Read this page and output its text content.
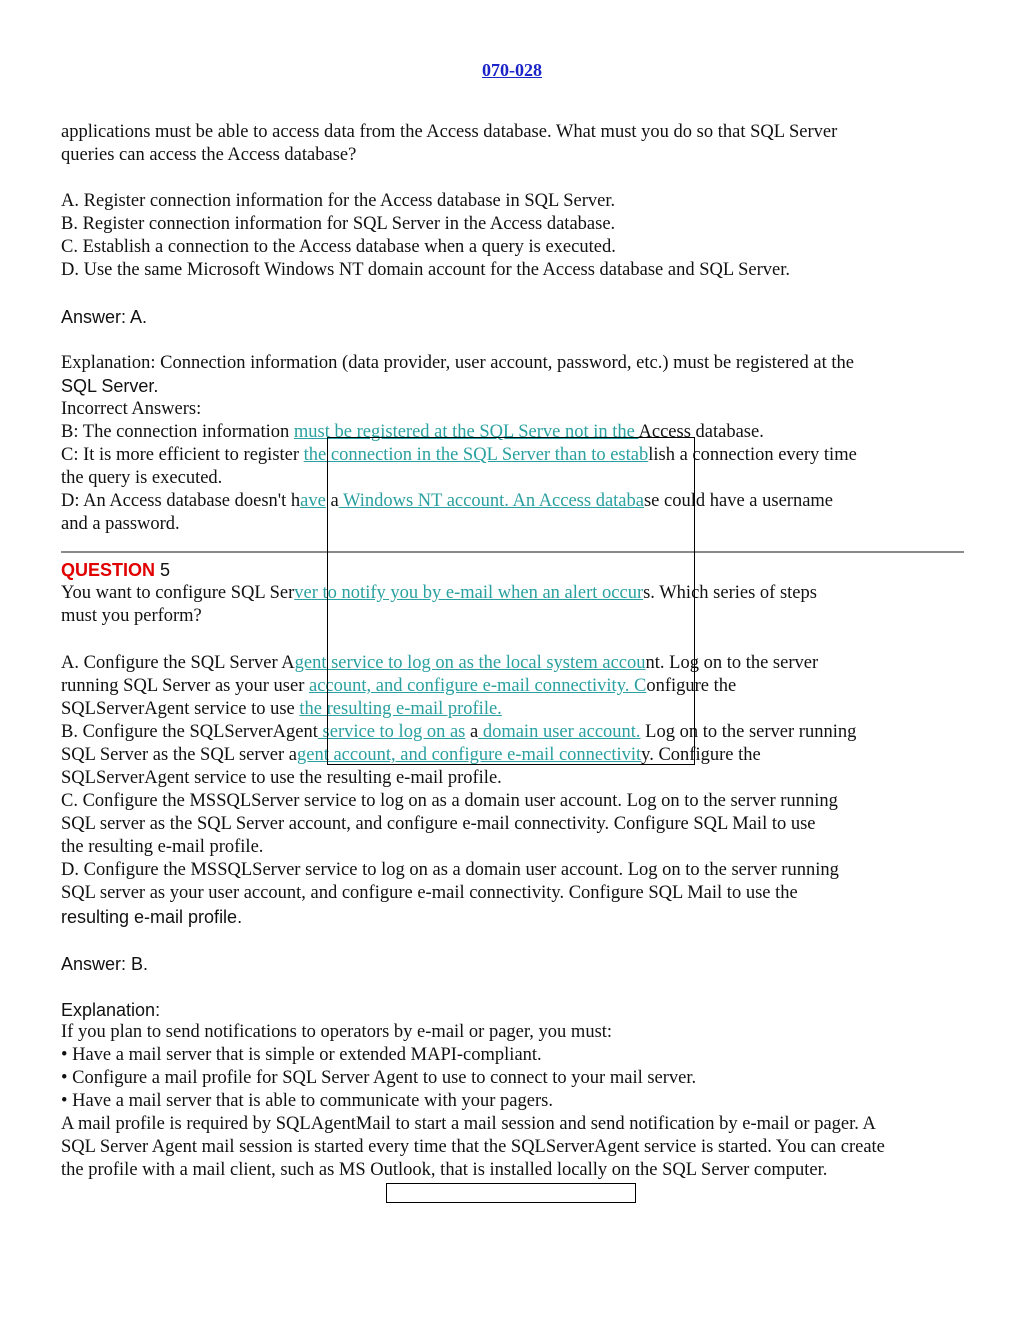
070-028
applications must be able to access data from the Access database. What must you do so that SQL Server
queries can access the Access database?
A. Register connection information for the Access database in SQL Server.
B. Register connection information for SQL Server in the Access database.
C. Establish a connection to the Access database when a query is executed.
D. Use the same Microsoft Windows NT domain account for the Access database and SQL Server.
Answer: A.
Explanation: Connection information (data provider, user account, password, etc.) must be registered at the
SQL Server.
Incorrect Answers:
B: The connection information must be registered at the SQL Serve not in the Access database.
C: It is more efficient to register the connection in the SQL Server than to establish a connection every time
the query is executed.
D: An Access database doesn't have a Windows NT account. An Access database could have a username
and a password.
QUESTION 5
You want to configure SQL Server to notify you by e-mail when an alert occurs. Which series of steps
must you perform?
A. Configure the SQL Server Agent service to log on as the local system account. Log on to the server
running SQL Server as your user account, and configure e-mail connectivity. Configure the
SQLServerAgent service to use the resulting e-mail profile.
B. Configure the SQLServerAgent service to log on as a domain user account. Log on to the server running
SQL Server as the SQL server agent account, and configure e-mail connectivity. Configure the
SQLServerAgent service to use the resulting e-mail profile.
C. Configure the MSSQLServer service to log on as a domain user account. Log on to the server running
SQL server as the SQL Server account, and configure e-mail connectivity. Configure SQL Mail to use
the resulting e-mail profile.
D. Configure the MSSQLServer service to log on as a domain user account. Log on to the server running
SQL server as your user account, and configure e-mail connectivity. Configure SQL Mail to use the
resulting e-mail profile.
Answer: B.
Explanation:
If you plan to send notifications to operators by e-mail or pager, you must:
• Have a mail server that is simple or extended MAPI-compliant.
• Configure a mail profile for SQL Server Agent to use to connect to your mail server.
• Have a mail server that is able to communicate with your pagers.
A mail profile is required by SQLAgentMail to start a mail session and send notification by e-mail or pager. A
SQL Server Agent mail session is started every time that the SQLServerAgent service is started. You can create
the profile with a mail client, such as MS Outlook, that is installed locally on the SQL Server computer.
